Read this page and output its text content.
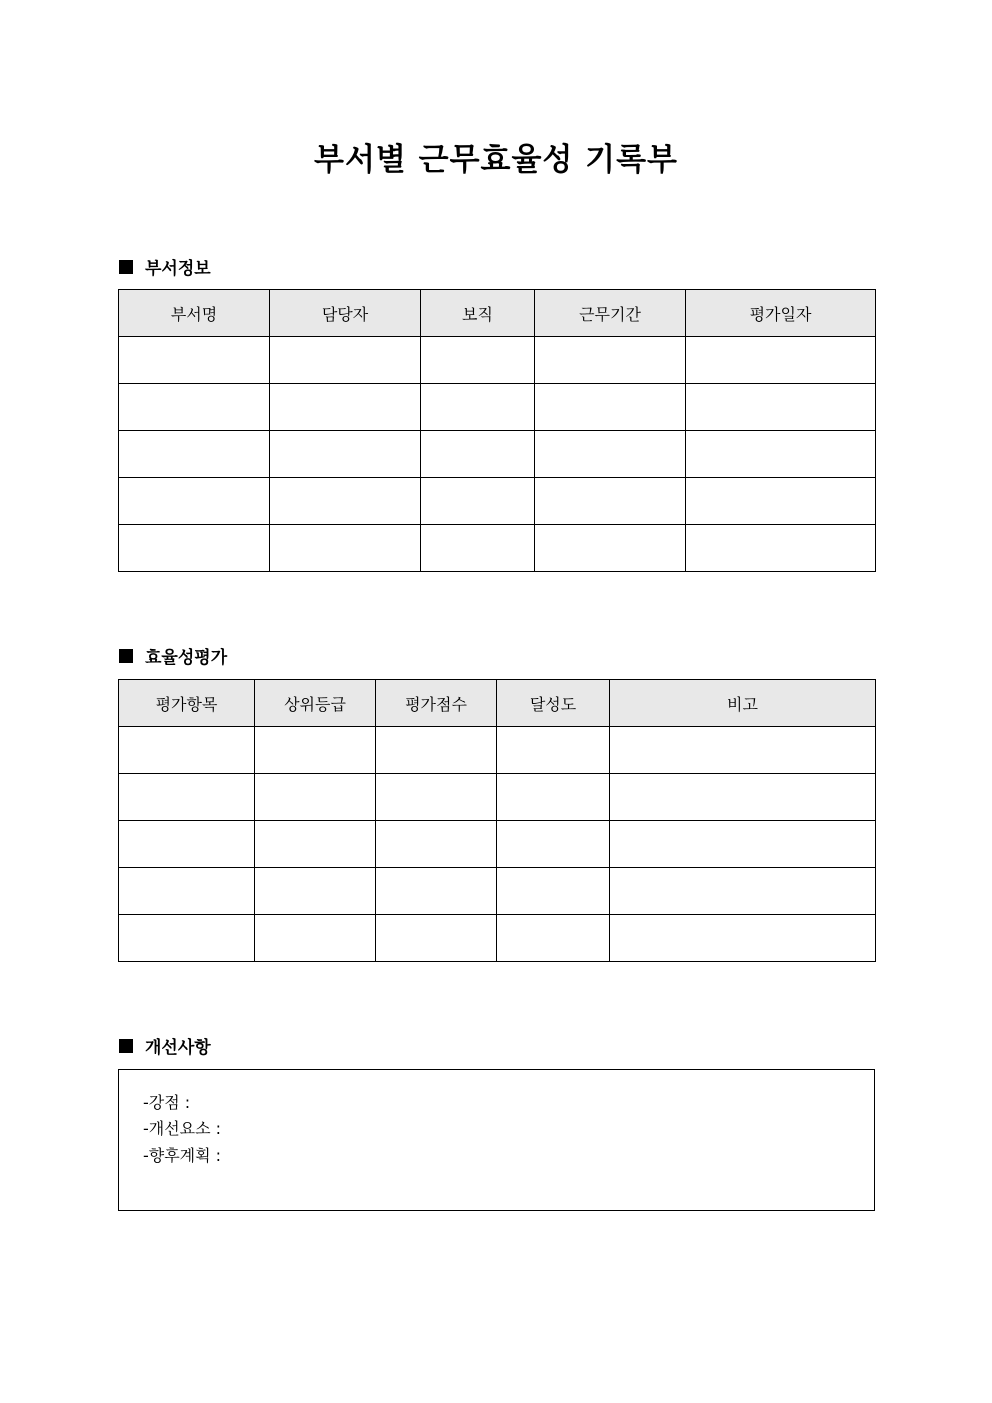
부서별 근무효율성 기록부
부서정보
부서명	담당자	보직	근무기간	평가일자

효율성평가
평가항목	상위등급	평가점수	달성도	비고

개선사항
-강점 :
-개선요소 :
-향후계획 :
